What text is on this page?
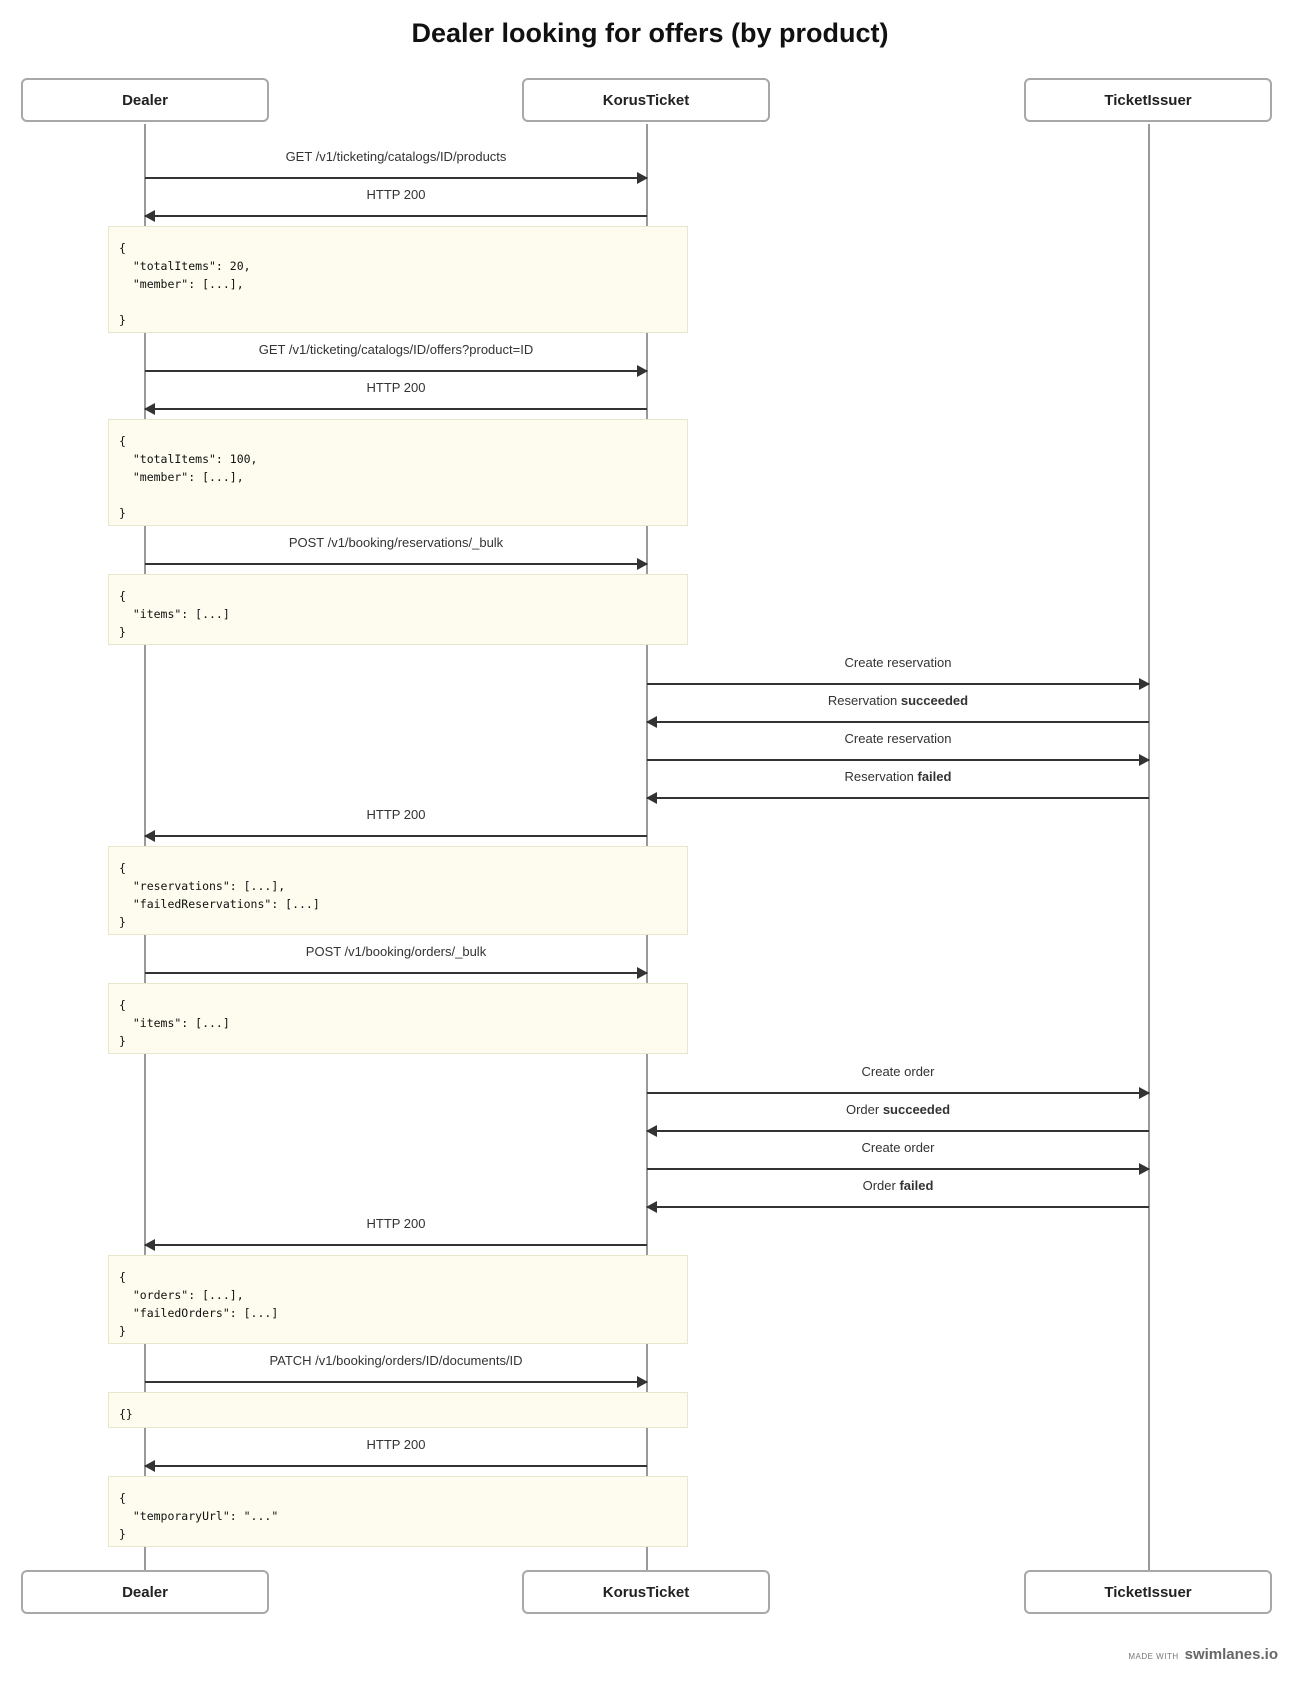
Dealer looking for offers (by product)
Dealer	KorusTicket	TicketIssuer
GET /v1/ticketing/catalogs/ID/products
HTTP 200
{
"totalItems": 20,
"member": [...],

}
GET /v1/ticketing/catalogs/ID/offers?product=ID
HTTP 200
{
"totalItems": 100,
"member": [...],

}
POST /v1/booking/reservations/_bulk
{
"items": [...]
}
Create reservation
Reservation succeeded
Create reservation
Reservation failed
HTTP 200
{
"reservations": [...],
"failedReservations": [...]
}
POST /v1/booking/orders/_bulk
{
"items": [...]
}
Create order
Order succeeded
Create order
Order failed
HTTP 200
{
"orders": [...],
"failedOrders": [...]
}
PATCH /v1/booking/orders/ID/documents/ID
{}
HTTP 200
{
"temporaryUrl": "..."
}
Dealer	KorusTicket	TicketIssuer
MADE WITH swimlanes.io
